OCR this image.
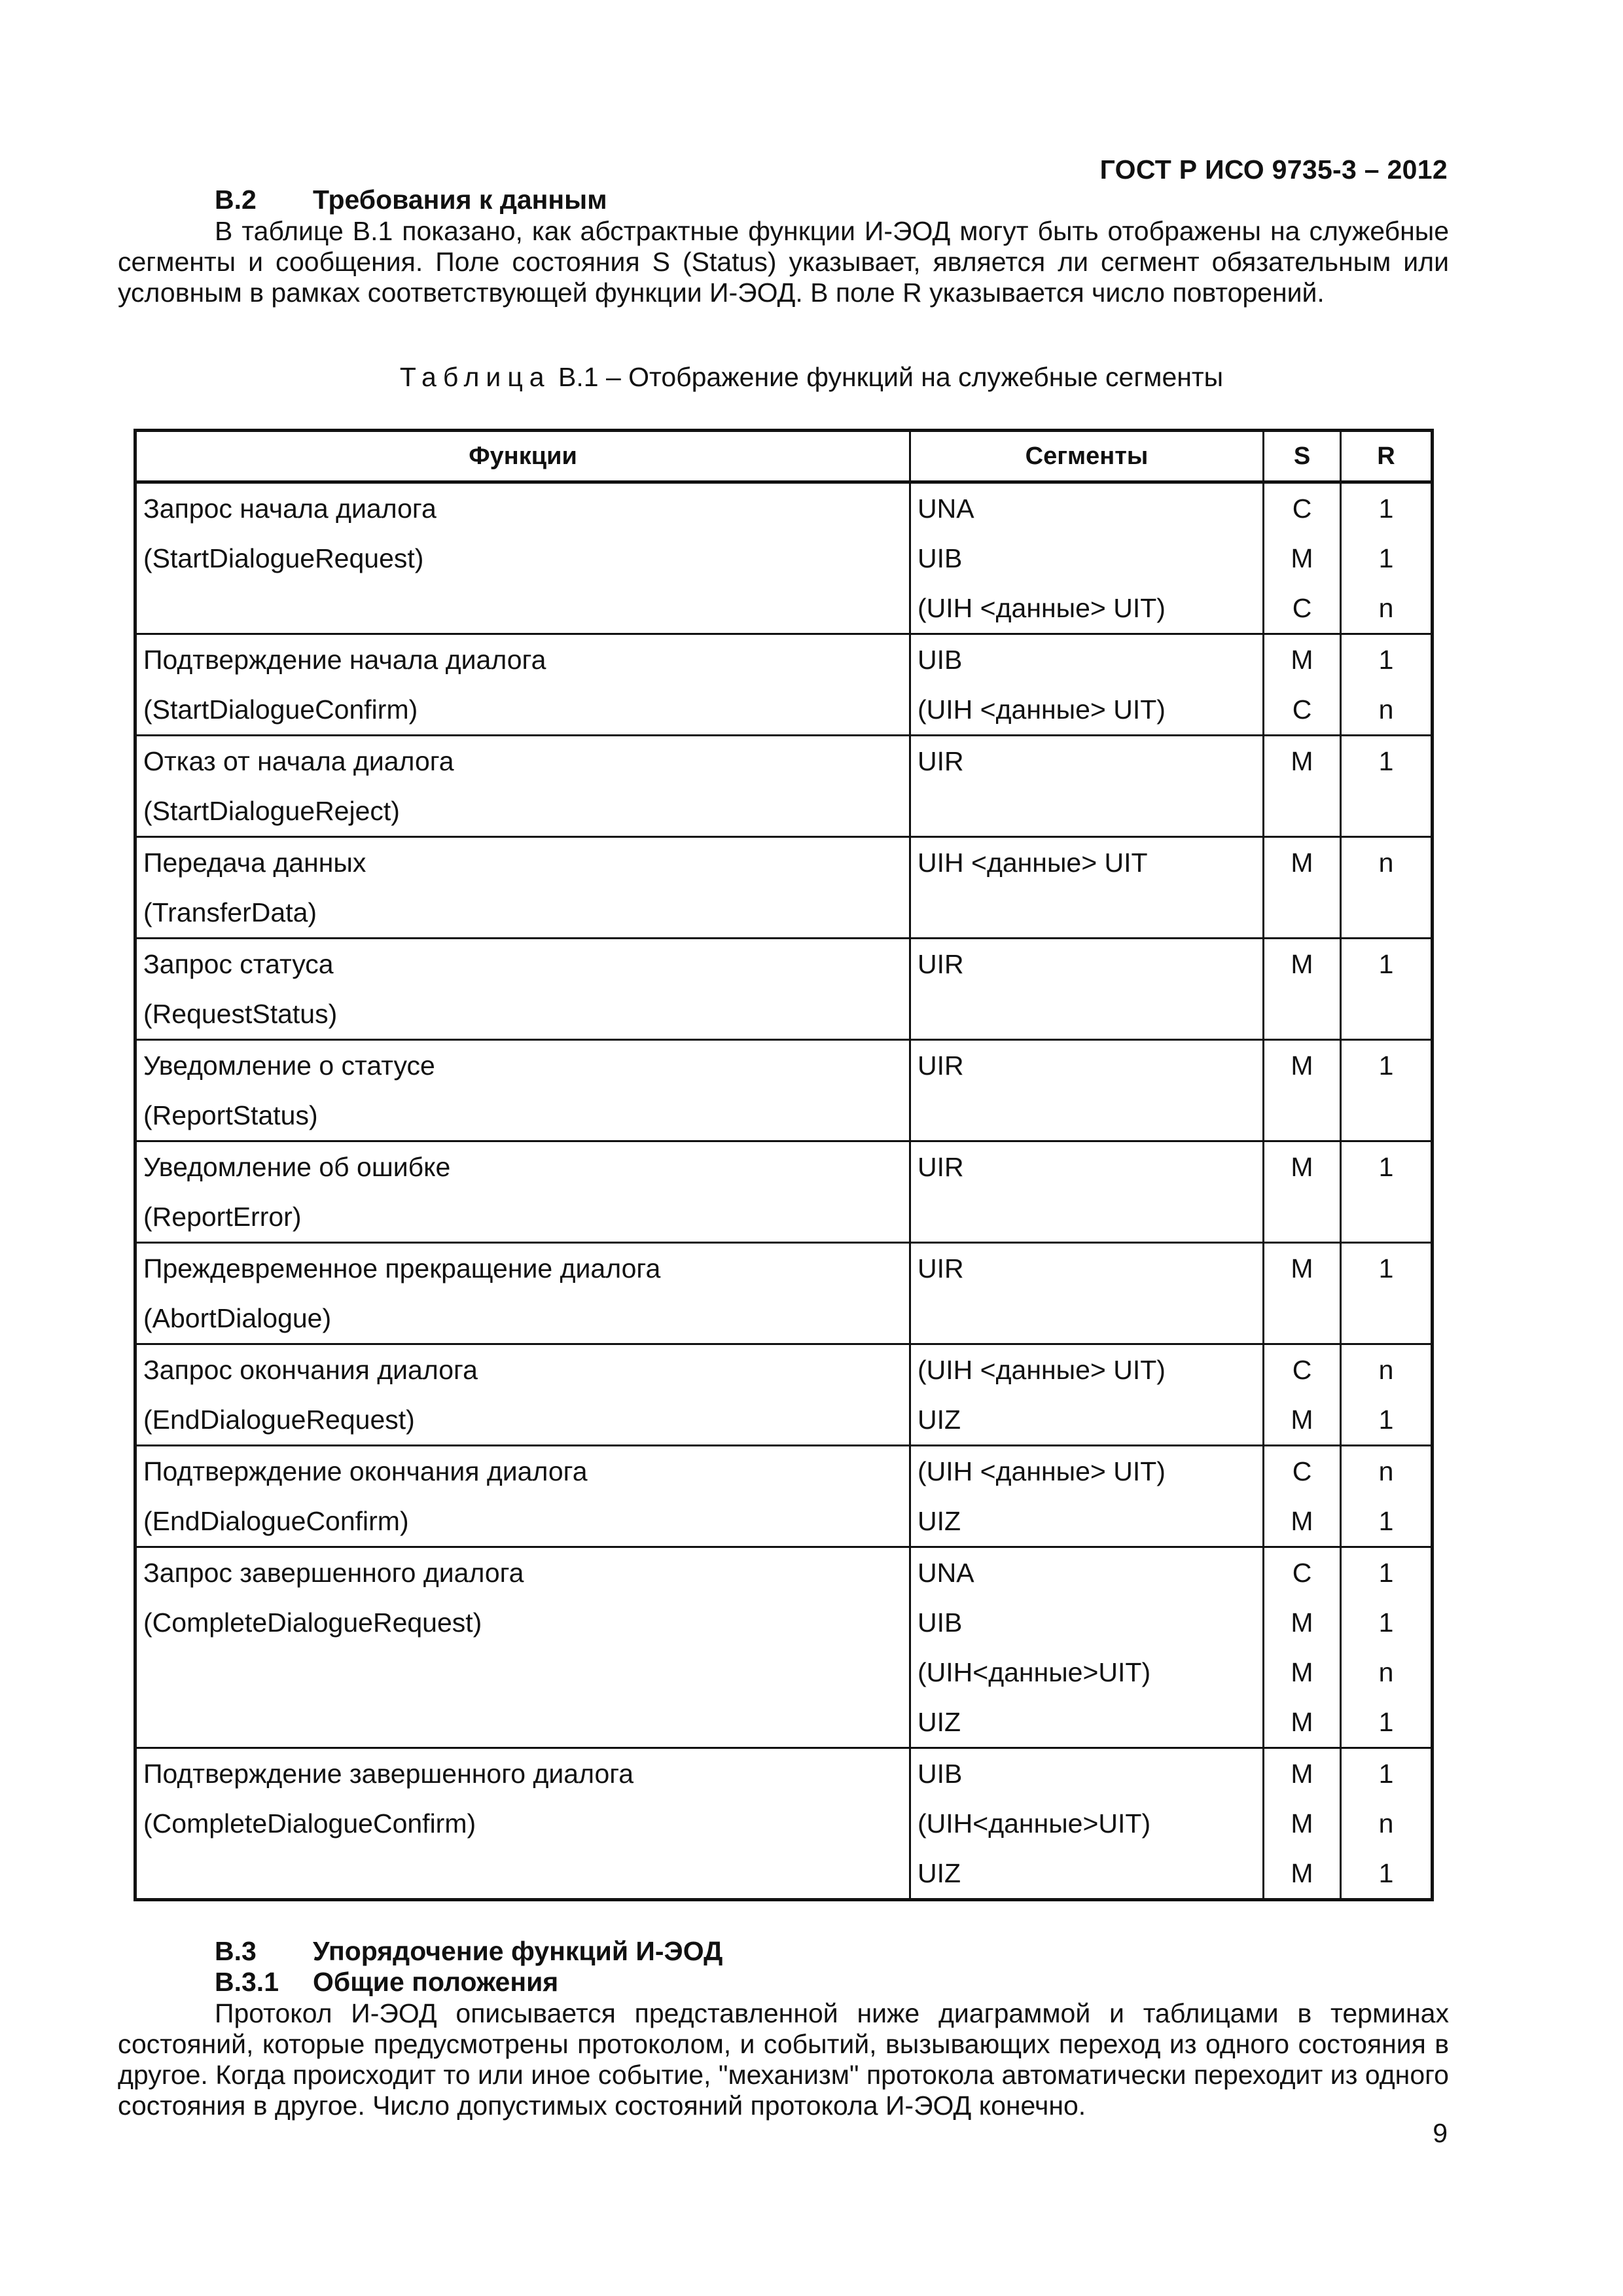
ГОСТ Р ИСО 9735-3 – 2012
В.2 Требования к данным

В таблице В.1 показано, как абстрактные функции И-ЭОД могут быть отображены на служебные сегменты и сообщения. Поле состояния S (Status) указывает, является ли сегмент обязательным или условным в рамках соответствующей функции И-ЭОД. В поле R указывается число повторений.

Таблица В.1 – Отображение функций на служебные сегменты
Функции	Сегменты	S	R
Запрос начала диалога	UNA	C	1
(StartDialogueRequest)	UIB	M	1
	(UIH <данные> UIT)	C	n
Подтверждение начала диалога	UIB	M	1
(StartDialogueConfirm)	(UIH <данные> UIT)	C	n
Отказ от начала диалога	UIR	M	1
(StartDialogueReject)			
Передача данных	UIH <данные> UIT	M	n
(TransferData)			
Запрос статуса	UIR	M	1
(RequestStatus)			
Уведомление о статусе	UIR	M	1
(ReportStatus)			
Уведомление об ошибке	UIR	M	1
(ReportError)			
Преждевременное прекращение диалога	UIR	M	1
(AbortDialogue)			
Запрос окончания диалога	(UIH <данные> UIT)	C	n
(EndDialogueRequest)	UIZ	M	1
Подтверждение окончания диалога	(UIH <данные> UIT)	C	n
(EndDialogueConfirm)	UIZ	M	1
Запрос завершенного диалога	UNA	C	1
(CompleteDialogueRequest)	UIB	M	1
	(UIH<данные>UIT)	M	n
	UIZ	M	1
Подтверждение завершенного диалога	UIB	M	1
(CompleteDialogueConfirm)	(UIH<данные>UIT)	M	n
	UIZ	M	1
В.3 Упорядочение функций И-ЭОД
В.3.1 Общие положения

Протокол И-ЭОД описывается представленной ниже диаграммой и таблицами в терминах состояний, которые предусмотрены протоколом, и событий, вызывающих переход из одного состояния в другое. Когда происходит то или иное событие, "механизм" протокола автоматически переходит из одного состояния в другое. Число допустимых состояний протокола И-ЭОД конечно.

9
